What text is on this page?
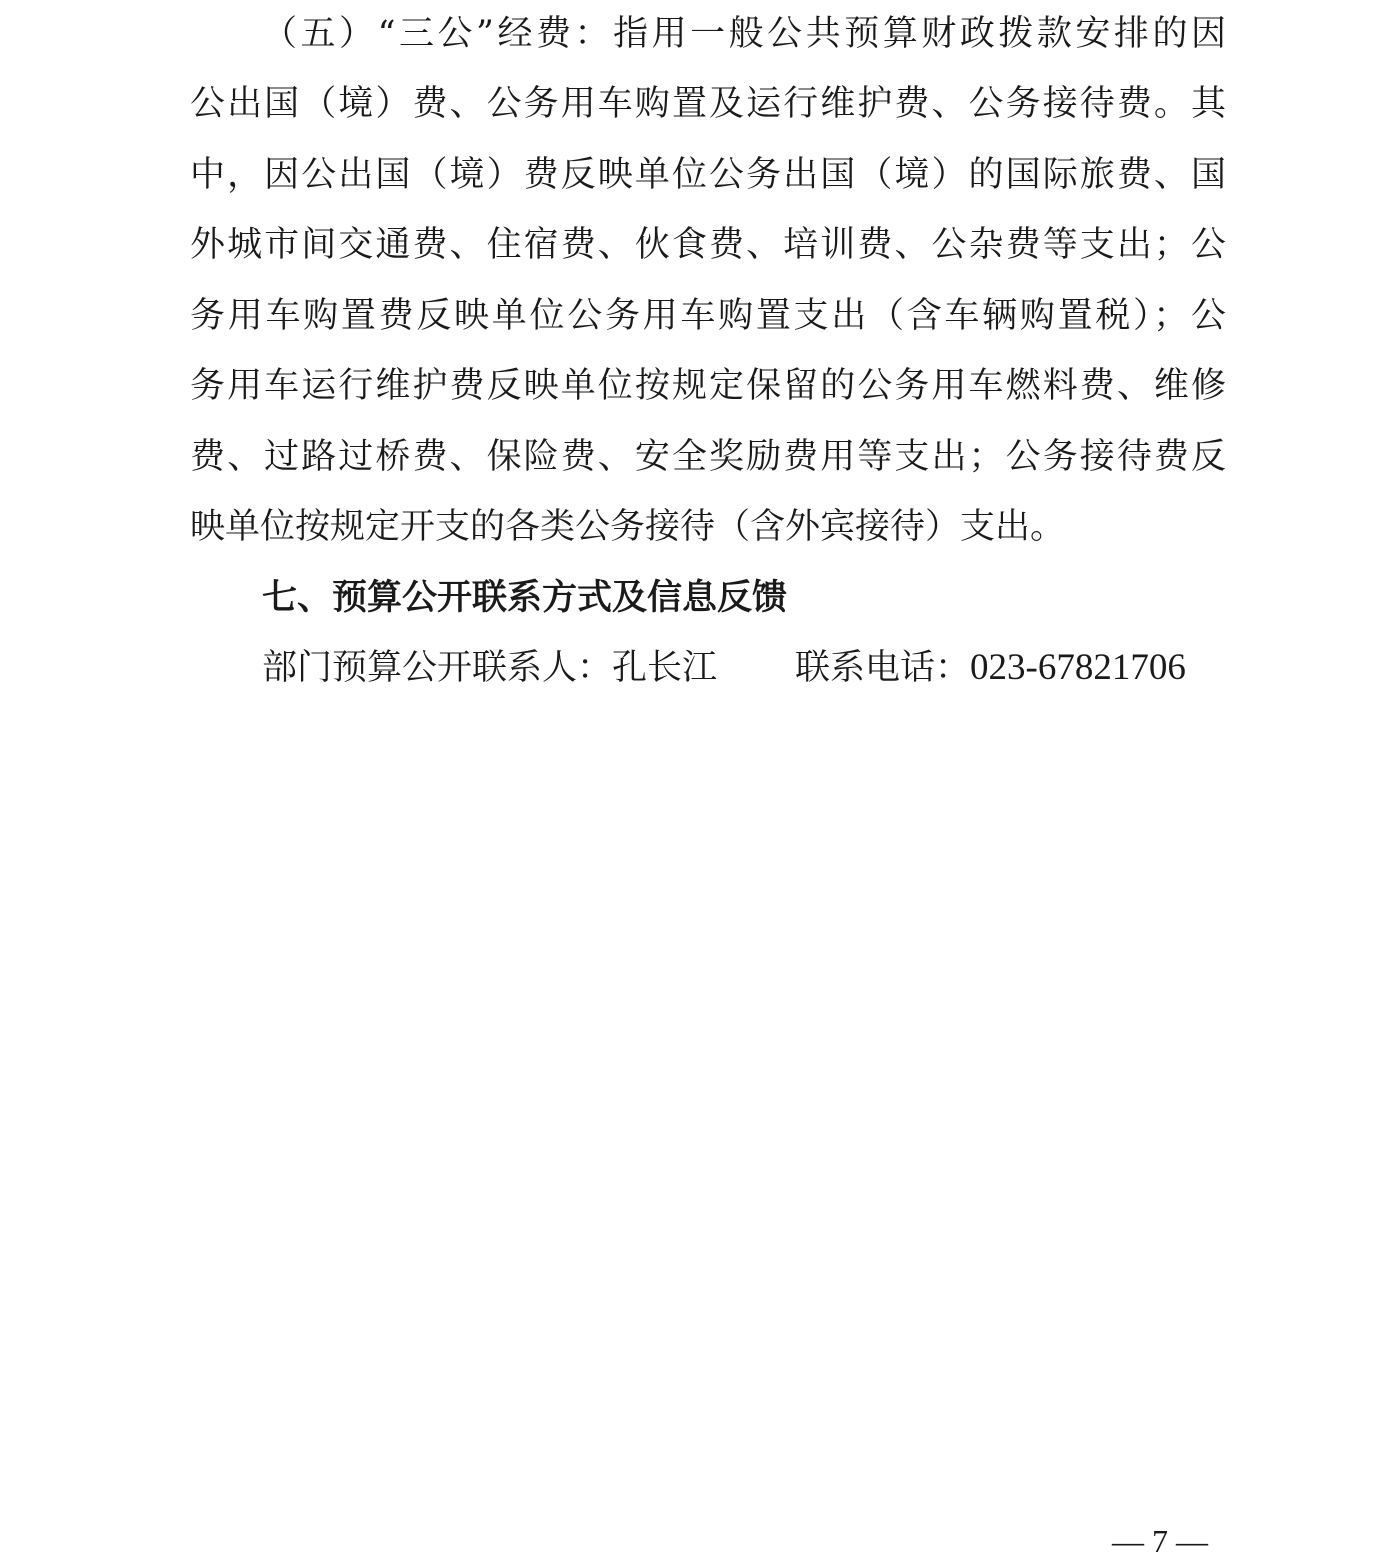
（五）“三公”经费：指用一般公共预算财政拨款安排的因
公出国（境）费、公务用车购置及运行维护费、公务接待费。其
中，因公出国（境）费反映单位公务出国（境）的国际旅费、国
外城市间交通费、住宿费、伙食费、培训费、公杂费等支出；公
务用车购置费反映单位公务用车购置支出（含车辆购置税）；公
务用车运行维护费反映单位按规定保留的公务用车燃料费、维修
费、过路过桥费、保险费、安全奖励费用等支出；公务接待费反
映单位按规定开支的各类公务接待（含外宾接待）支出。
七、预算公开联系方式及信息反馈
部门预算公开联系人：孔长江 联系电话：023-67821706
— 7 —
